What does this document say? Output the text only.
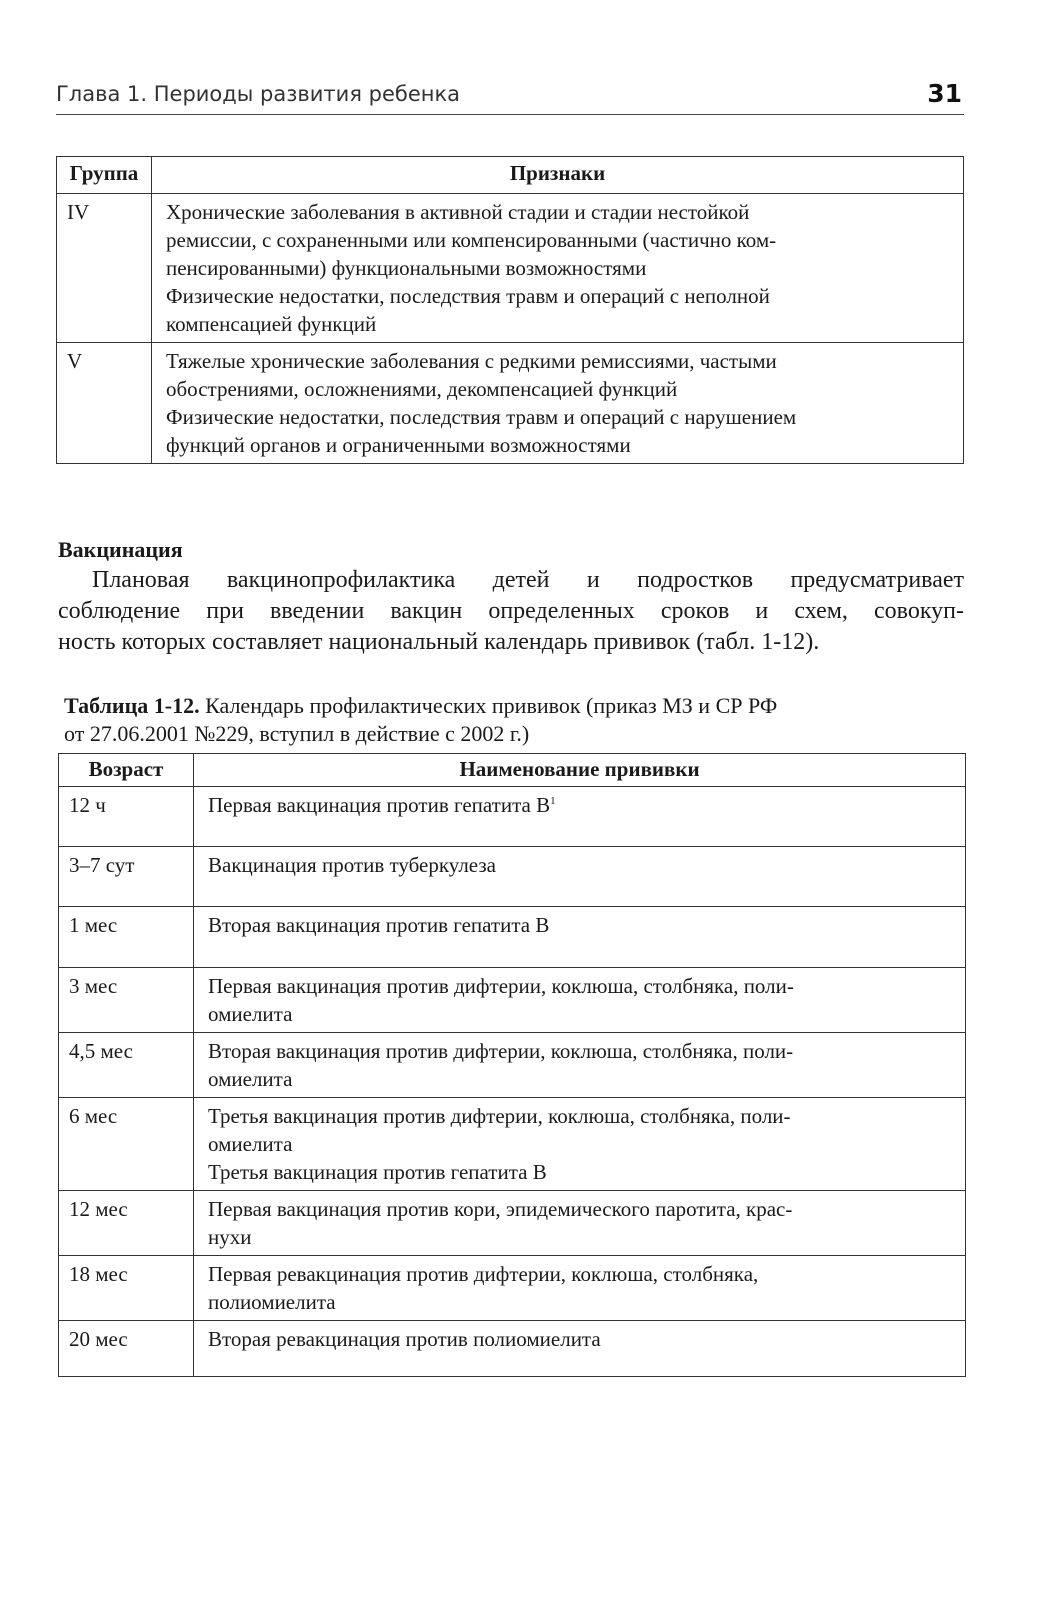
Глава 1. Периоды развития ребенка	31
Группа	Признаки
IV	Хронические заболевания в активной стадии и стадии нестойкой
ремиссии, с сохраненными или компенсированными (частично ком-
пенсированными) функциональными возможностями
Физические недостатки, последствия травм и операций с неполной
компенсацией функций

V	Тяжелые хронические заболевания с редкими ремиссиями, частыми
обострениями, осложнениями, декомпенсацией функций
Физические недостатки, последствия травм и операций с нарушением
функций органов и ограниченными возможностями
Вакцинация
Плановая вакцинопрофилактика детей и подростков предусматривает
соблюдение при введении вакцин определенных сроков и схем, совокуп-
ность которых составляет национальный календарь прививок (табл. 1-12).
Таблица 1-12. Календарь профилактических прививок (приказ МЗ и СР РФ
от 27.06.2001 №229, вступил в действие с 2002 г.)
Возраст	Наименование прививки
12 ч	Первая вакцинация против гепатита $B^1$
3–7 сут	Вакцинация против туберкулеза

1 мес	Вторая вакцинация против гепатита B

3 мес	Первая вакцинация против дифтерии, коклюша, столбняка, поли-
омиелита

4,5 мес	Вторая вакцинация против дифтерии, коклюша, столбняка, поли-
омиелита

6 мес	Третья вакцинация против дифтерии, коклюша, столбняка, поли-
омиелита
Третья вакцинация против гепатита B

12 мес	Первая вакцинация против кори, эпидемического паротита, крас-
нухи

18 мес	Первая ревакцинация против дифтерии, коклюша, столбняка,
полиомиелита

20 мес	Вторая ревакцинация против полиомиелита
